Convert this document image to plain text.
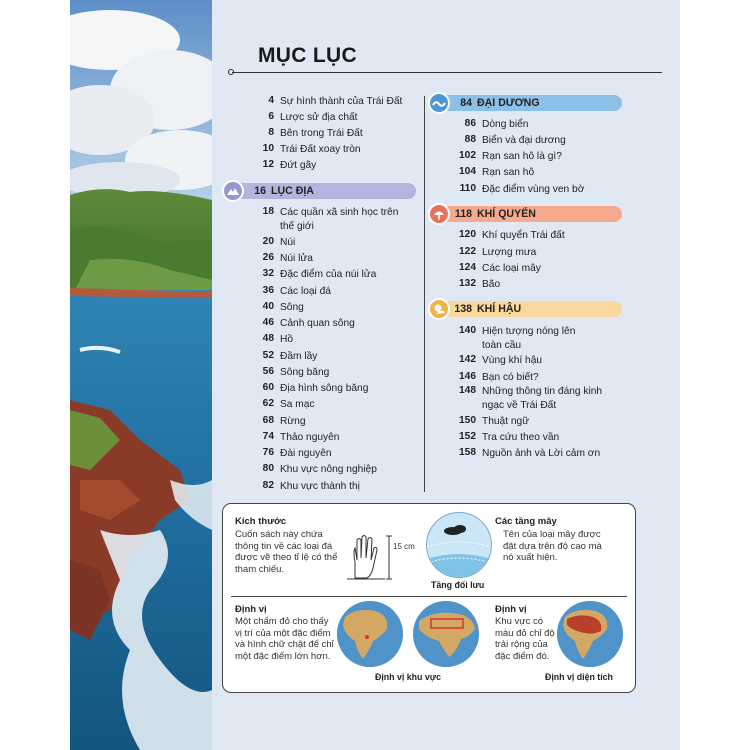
MỤC LỤC
4 Sự hình thành của Trái Đất
6 Lược sử địa chất
8 Bên trong Trái Đất
10 Trái Đất xoay tròn
12 Đứt gãy
16 LỤC ĐỊA
18 Các quần xã sinh học trên thế giới
20 Núi
26 Núi lửa
32 Đặc điểm của núi lửa
36 Các loại đá
40 Sông
46 Cảnh quan sông
48 Hồ
52 Đầm lầy
56 Sông băng
60 Địa hình sông băng
62 Sa mạc
68 Rừng
74 Thảo nguyên
76 Đài nguyên
80 Khu vực nông nghiệp
82 Khu vực thành thị
84 ĐẠI DƯƠNG
86 Dòng biển
88 Biển và đại dương
102 Rạn san hô là gì?
104 Rạn san hô
110 Đặc điểm vùng ven bờ
118 KHÍ QUYỂN
120 Khí quyển Trái đất
122 Lượng mưa
124 Các loại mây
132 Bão
138 KHÍ HẬU
140 Hiện tượng nóng lên toàn cầu
142 Vùng khí hậu
146 Bạn có biết?
148 Những thông tin đáng kinh ngạc về Trái Đất
150 Thuật ngữ
152 Tra cứu theo vần
158 Nguồn ảnh và Lời cảm ơn
Kích thước
Cuốn sách này chứa thông tin về các loại đá được vẽ theo tỉ lệ có thể tham chiếu.
15 cm
Các tầng mây
Tên của loại mây được đặt dựa trên độ cao mà nó xuất hiện.
Tầng đối lưu
Định vị
Một chấm đỏ cho thấy vị trí của một đặc điểm và hình chữ chật để chỉ một đặc điểm lớn hơn.
Định vị khu vực
Định vị
Khu vực có màu đỏ chỉ độ trải rộng của đặc điểm đó.
Định vị diện tích
